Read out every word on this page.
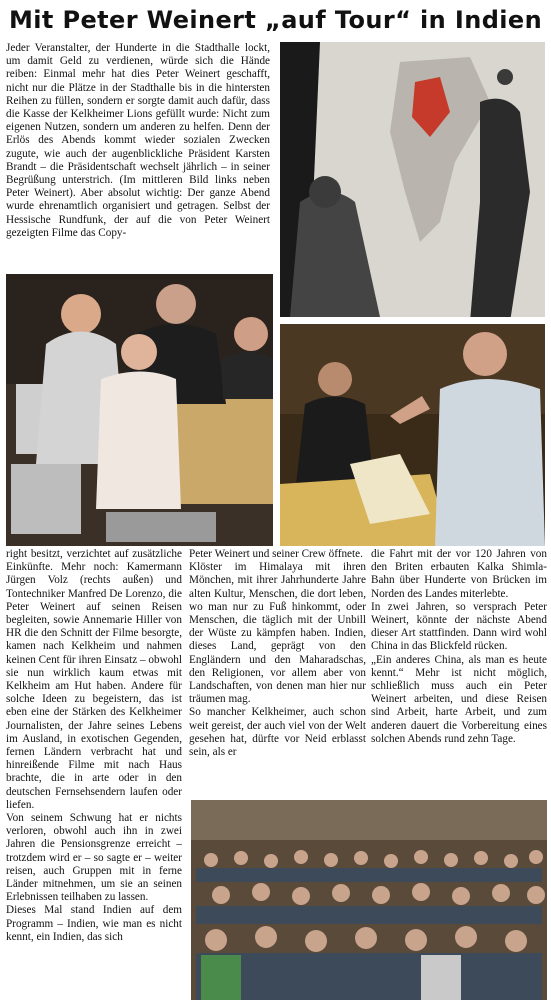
Mit Peter Weinert „auf Tour“ in Indien

Jeder Veranstalter, der Hunderte in die Stadthalle lockt, um damit Geld zu verdienen, würde sich die Hände reiben: Einmal mehr hat dies Peter Weinert geschafft, nicht nur die Plätze in der Stadthalle bis in die hintersten Reihen zu füllen, sondern er sorgte damit auch dafür, dass die Kasse der Kelkheimer Lions gefüllt wurde: Nicht zum eigenen Nutzen, sondern um anderen zu helfen. Denn der Erlös des Abends kommt wieder sozialen Zwecken zugute, wie auch der augenblickliche Präsident Karsten Brandt – die Präsidentschaft wechselt jährlich – in seiner Begrüßung unterstrich. (Im mittleren Bild links neben Peter Weinert). Aber absolut wichtig: Der ganze Abend wurde ehrenamtlich organisiert und getragen. Selbst der Hessische Rundfunk, der auf die von Peter Weinert gezeigten Filme das Copy-

right besitzt, verzichtet auf zusätzliche Einkünfte. Mehr noch: Kamermann Jürgen Volz (rechts außen) und Tontechniker Manfred De Lorenzo, die Peter Weinert auf seinen Reisen begleiten, sowie Annemarie Hiller von HR die den Schnitt der Filme besorgte, kamen nach Kelkheim und nahmen keinen Cent für ihren Einsatz – obwohl sie nun wirklich kaum etwas mit Kelkheim am Hut haben. Andere für solche Ideen zu begeistern, das ist eben eine der Stärken des Kelkheimer Journalisten, der Jahre seines Lebens im Ausland, in exotischen Gegenden, fernen Ländern verbracht hat und hinreißende Filme mit nach Haus brachte, die in arte oder in den deutschen Fernsehsendern laufen oder liefen.

Von seinem Schwung hat er nichts verloren, obwohl auch ihn in zwei Jahren die Pensionsgrenze erreicht – trotzdem wird er – so sagte er – weiter reisen, auch Gruppen mit in ferne Länder mitnehmen, um sie an seinen Erlebnissen teilhaben zu lassen.

Dieses Mal stand Indien auf dem Programm – Indien, wie man es nicht kennt, ein Indien, das sich

Peter Weinert und seiner Crew öffnete.

Klöster im Himalaya mit ihren Mönchen, mit ihrer Jahrhunderte Jahre alten Kultur, Menschen, die dort leben, wo man nur zu Fuß hinkommt, oder Menschen, die täglich mit der Unbill der Wüste zu kämpfen haben. Indien, dieses Land, geprägt von den Engländern und den Maharadschas, den Religionen, vor allem aber von Landschaften, von denen man hier nur träumen mag.

So mancher Kelkheimer, auch schon weit gereist, der auch viel von der Welt gesehen hat, dürfte vor Neid erblasst sein, als er

die Fahrt mit der vor 120 Jahren von den Briten erbauten Kalka Shimla-Bahn über Hunderte von Brücken im Norden des Landes miterlebte.

In zwei Jahren, so versprach Peter Weinert, könnte der nächste Abend dieser Art stattfinden. Dann wird wohl China in das Blickfeld rücken.

„Ein anderes China, als man es heute kennt.“ Mehr ist nicht möglich, schließlich muss auch ein Peter Weinert arbeiten, und diese Reisen sind Arbeit, harte Arbeit, und zum anderen dauert die Vorbereitung eines solchen Abends rund zehn Tage.
